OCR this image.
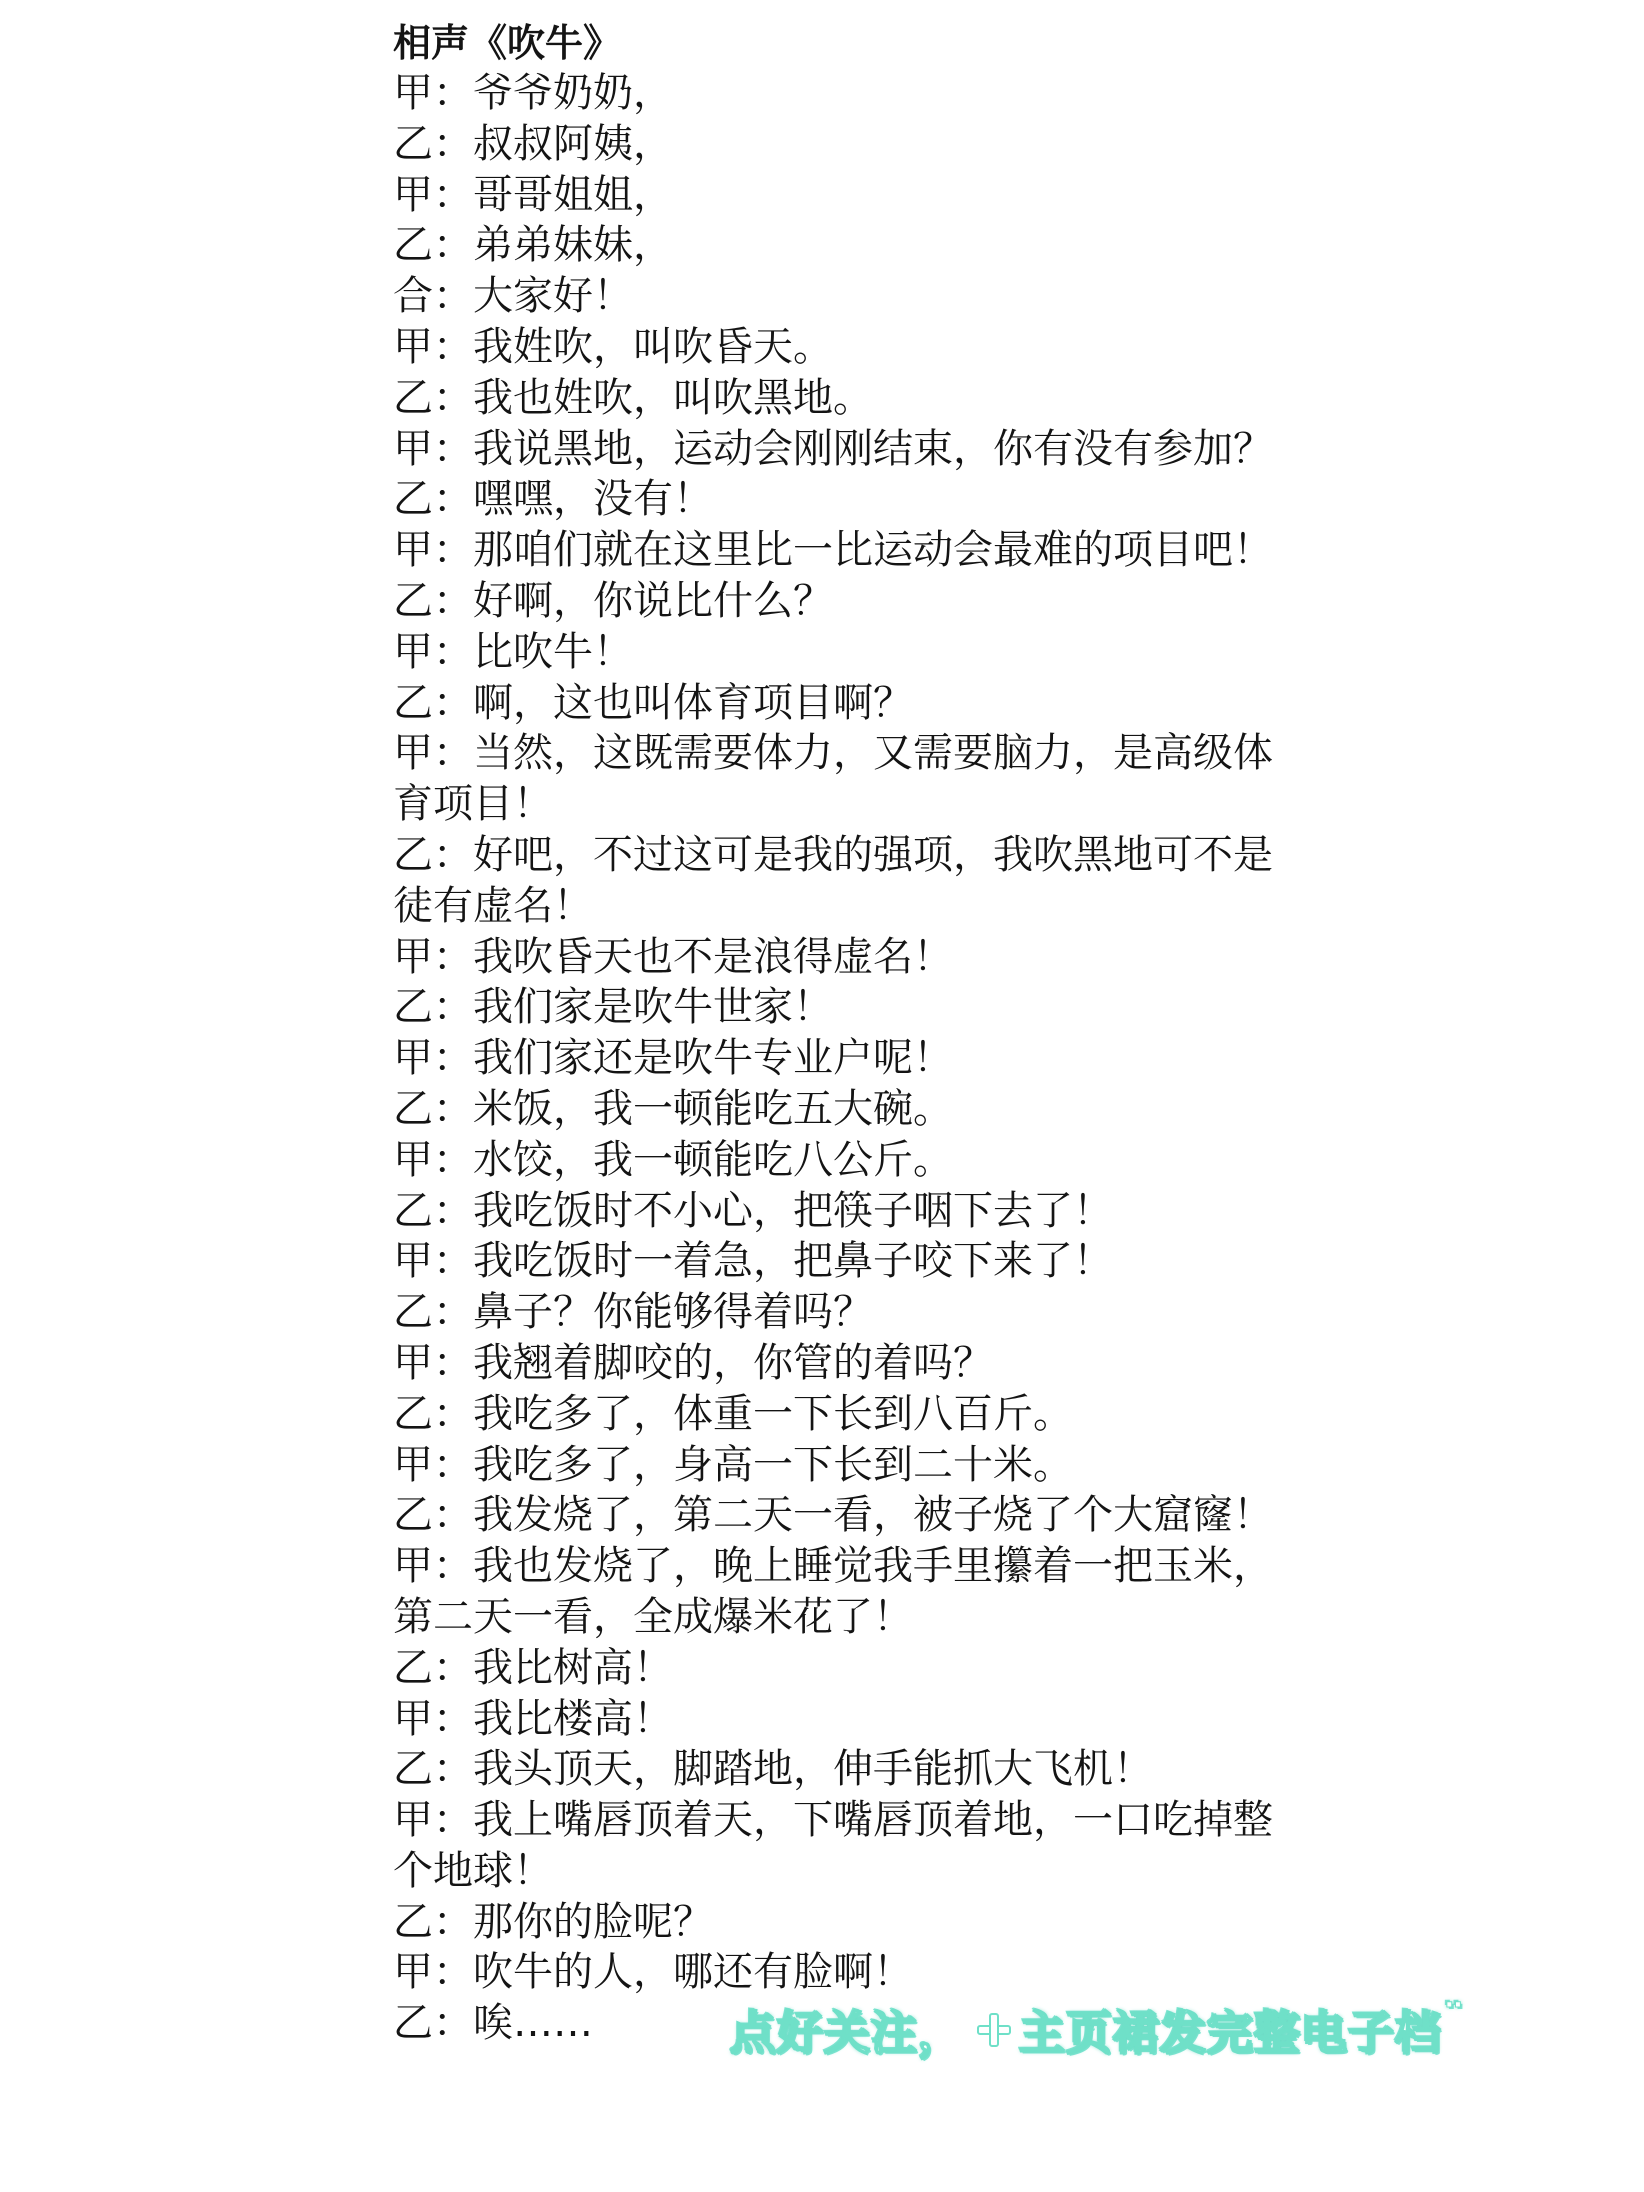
相声《吹牛》
甲：爷爷奶奶，
乙：叔叔阿姨，
甲：哥哥姐姐，
乙：弟弟妹妹，
合：大家好！
甲：我姓吹，叫吹昏天。
乙：我也姓吹，叫吹黑地。
甲：我说黑地，运动会刚刚结束，你有没有参加？
乙：嘿嘿，没有！
甲：那咱们就在这里比一比运动会最难的项目吧！
乙：好啊，你说比什么？
甲：比吹牛！
乙：啊，这也叫体育项目啊？
甲：当然，这既需要体力，又需要脑力，是高级体育项目！
乙：好吧，不过这可是我的强项，我吹黑地可不是徒有虚名！
甲：我吹昏天也不是浪得虚名！
乙：我们家是吹牛世家！
甲：我们家还是吹牛专业户呢！
乙：米饭，我一顿能吃五大碗。
甲：水饺，我一顿能吃八公斤。
乙：我吃饭时不小心，把筷子咽下去了！
甲：我吃饭时一着急，把鼻子咬下来了！
乙：鼻子？你能够得着吗？
甲：我翘着脚咬的，你管的着吗？
乙：我吃多了，体重一下长到八百斤。
甲：我吃多了，身高一下长到二十米。
乙：我发烧了，第二天一看，被子烧了个大窟窿！
甲：我也发烧了，晚上睡觉我手里攥着一把玉米，第二天一看，全成爆米花了！
乙：我比树高！
甲：我比楼高！
乙：我头顶天，脚踏地，伸手能抓大飞机！
甲：我上嘴唇顶着天，下嘴唇顶着地，一口吃掉整个地球！
乙：那你的脸呢？
甲：吹牛的人，哪还有脸啊！
乙：唉……	点好关注， 主页裙发完整电子档
··
